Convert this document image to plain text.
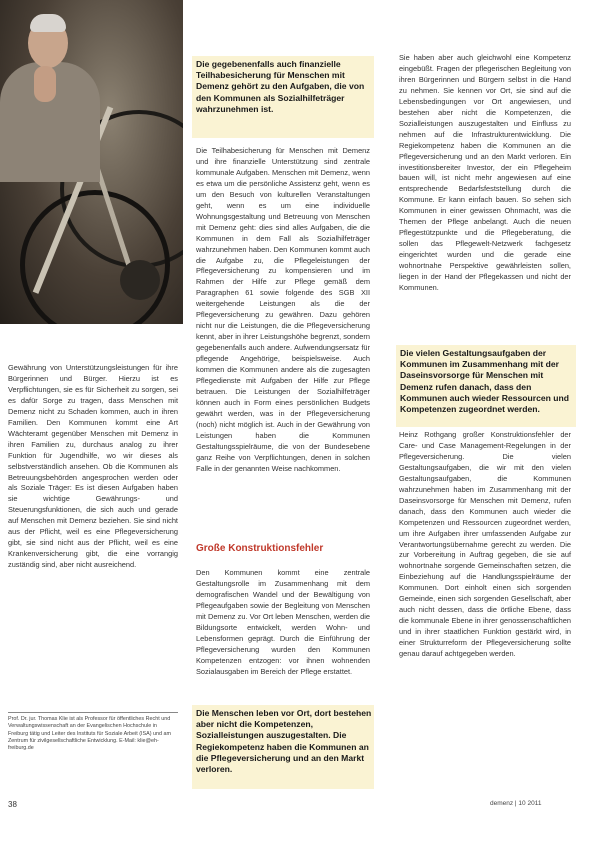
Die gegebenenfalls auch finanzielle Teilhabesicherung für Menschen mit Demenz gehört zu den Aufgaben, die von den Kommunen als Sozialhilfeträger wahrzunehmen ist.

Gewährung von Unterstützungsleistungen für ihre Bürgerinnen und Bürger. Hierzu ist es Verpflichtungen, sie es für Sicherheit zu sorgen, sei es dafür Sorge zu tragen, dass Menschen mit Demenz nicht zu Schaden kommen, auch in ihren Familien. Den Kommunen kommt eine Art Wächteramt gegenüber Menschen mit Demenz in ihren Familien zu, durchaus analog zu ihrer Funktion für Jugendhilfe, wo wir dieses als selbstverständlich ansehen. Ob die Kommunen als Betreuungsbehörden angesprochen werden oder als Soziale Träger: Es ist diesen Aufgaben haben sie wichtige Gewährungs- und Steuerungsfunktionen, die sich auch und gerade auf Menschen mit Demenz beziehen. Sie sind nicht aus der Pflicht, weil es eine Pflegeversicherung gibt, sie sind nicht aus der Pflicht, weil es eine Krankenversicherung gibt, die eine vorrangig zuständig sind, aber nicht ausreichend.

Die Teilhabesicherung für Menschen mit Demenz und ihre finanzielle Unterstützung sind zentrale kommunale Aufgaben. Menschen mit Demenz, wenn es etwa um die persönliche Assistenz geht, wenn es um den Besuch von kulturellen Veranstaltungen geht, wenn es um eine individuelle Wohnungsgestaltung und Betreuung von Menschen mit Demenz geht: dies sind alles Aufgaben, die die Kommunen in dem Fall als Sozialhilfeträger wahrzunehmen haben. Den Kommunen kommt auch die Aufgabe zu, die Pflegeleistungen der Pflegeversicherung zu kompensieren und im Rahmen der Hilfe zur Pflege gemäß dem Paragraphen 61 sowie folgende des SGB XII weitergehende Leistungen als die der Pflegeversicherung zu gewähren. Dazu gehören nicht nur die Leistungen, die die Pflegeversicherung kennt, aber in ihrer Leistungshöhe begrenzt, sondern gegebenenfalls auch andere. Aufwendungsersatz für pflegende Angehörige, beispielsweise. Auch kommen die Kommunen andere als die zugesagten Pflegedienste mit Aufgaben der Hilfe zur Pflege betrauen. Die Leistungen der Sozialhilfeträger können auch in Form eines persönlichen Budgets gewährt werden, was in der Pflegeversicherung (noch) nicht möglich ist. Auch in der Gewährung von Leistungen haben die Kommunen Gestaltungsspielräume, die von der Bundesebene ganz Reihe von Verpflichtungen, denen in solchen Falle in der genannten Weise nachkommen.

Große Konstruktionsfehler

Den Kommunen kommt eine zentrale Gestaltungsrolle im Zusammenhang mit dem demografischen Wandel und der Bewältigung von Pflegeaufgaben sowie der Begleitung von Menschen mit Demenz zu. Vor Ort leben Menschen, werden die Bildungsorte entwickelt, werden Wohn- und Lebensformen geprägt. Durch die Einführung der Pflegeversicherung wurden den Kommunen Kompetenzen entzogen: vor ihnen wohnenden Sozialausgaben im Bereich der Pflege erstattet.

Die Menschen leben vor Ort, dort bestehen aber nicht die Kompetenzen, Sozialleistungen auszugestalten. Die Regiekompetenz haben die Kommunen an die Pflegeversicherung und an den Markt verloren.

Sie haben aber auch gleichwohl eine Kompetenz eingebüßt. Fragen der pflegerischen Begleitung von ihren Bürgerinnen und Bürgern selbst in die Hand zu nehmen. Sie kennen vor Ort, sie sind auf die Lebensbedingungen vor Ort angewiesen, und bestehen aber nicht die Kompetenzen, die Sozialleistungen auszugestalten und Einfluss zu nehmen auf die Infrastrukturentwicklung. Die Regiekompetenz haben die Kommunen an die Pflegeversicherung und an den Markt verloren. Ein investitionsbereiter Investor, der ein Pflegeheim bauen will, ist nicht mehr angewiesen auf eine entsprechende Bedarfsfeststellung durch die Kommune. Er kann einfach bauen. So sehen sich Kommunen in einer gewissen Ohnmacht, was die Themen der Pflege anbelangt. Auch die neuen Pflegestützpunkte und die Pflegeberatung, die sollen das Pflegewelt-Netzwerk fachgesetz eingerichtet wurden und die gerade eine wohnortnahe Perspektive gewährleisten sollen, liegen in der Hand der Pflegekassen und nicht der Kommunen.

Die vielen Gestaltungsaufgaben der Kommunen im Zusammenhang mit der Daseinsvorsorge für Menschen mit Demenz rufen danach, dass den Kommunen auch wieder Ressourcen und Kompetenzen zugeordnet werden.

Heinz Rothgang großer Konstruktionsfehler der Care- und Case Management-Regelungen in der Pflegeversicherung. Die vielen Gestaltungsaufgaben, die wir mit den vielen Gestaltungsaufgaben, die Kommunen wahrzunehmen haben im Zusammenhang mit der Daseinsvorsorge für Menschen mit Demenz, rufen danach, dass den Kommunen auch wieder die Kompetenzen und Ressourcen zugeordnet werden, um ihre Aufgaben ihrer umfassenden Aufgabe zur Verantwortungsübernahme gerecht zu werden. Die zur Vorbereitung in Auftrag gegeben, die sie auf wohnortnahe sorgende Gemeinschaften setzen, die Einbeziehung auf die Handlungsspielräume der Kommunen. Dort einholt einen sich sorgenden Gemeinde, einen sich sorgenden Gesellschaft, aber auch nicht dessen, dass die örtliche Ebene, dass die kommunale Ebene in ihrer genossenschaftlichen und in ihrer staatlichen Funktion gestärkt wird, in einer Strukturreform der Pflegeversicherung sollte genau darauf achtgegeben werden.

Prof. Dr. jur. Thomas Klie ist als Professor für öffentliches Recht und Verwaltungswissenschaft an der Evangelischen Hochschule in Freiburg tätig und Leiter des Instituts für Soziale Arbeit (ISA) und am Zentrum für zivilgesellschaftliche Entwicklung. E-Mail: klie@eh-freiburg.de
38	demenz | 10 2011
